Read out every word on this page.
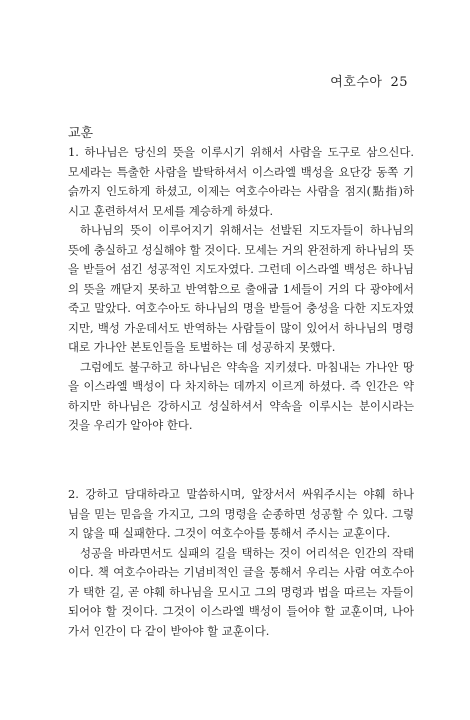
여호수아 25
교훈
1. 하나님은 당신의 뜻을 이루시기 위해서 사람을 도구로 삼으신다.
모세라는 특출한 사람을 발탁하셔서 이스라엘 백성을 요단강 동쪽 기
슭까지 인도하게 하셨고, 이제는 여호수아라는 사람을 점지(點指)하
시고 훈련하셔서 모세를 계승하게 하셨다.
하나님의 뜻이 이루어지기 위해서는 선발된 지도자들이 하나님의
뜻에 충실하고 성실해야 할 것이다. 모세는 거의 완전하게 하나님의 뜻
을 받들어 섬긴 성공적인 지도자였다. 그런데 이스라엘 백성은 하나님
의 뜻을 깨닫지 못하고 반역함으로 출애굽 1세들이 거의 다 광야에서
죽고 말았다. 여호수아도 하나님의 명을 받들어 충성을 다한 지도자였
지만, 백성 가운데서도 반역하는 사람들이 많이 있어서 하나님의 명령
대로 가나안 본토인들을 토벌하는 데 성공하지 못했다.
그럼에도 불구하고 하나님은 약속을 지키셨다. 마침내는 가나안 땅
을 이스라엘 백성이 다 차지하는 데까지 이르게 하셨다. 즉 인간은 약
하지만 하나님은 강하시고 성실하셔서 약속을 이루시는 분이시라는
것을 우리가 알아야 한다.
2. 강하고 담대하라고 말씀하시며, 앞장서서 싸워주시는 야훼 하나
님을 믿는 믿음을 가지고, 그의 명령을 순종하면 성공할 수 있다. 그렇
지 않을 때 실패한다. 그것이 여호수아를 통해서 주시는 교훈이다.
성공을 바라면서도 실패의 길을 택하는 것이 어리석은 인간의 작태
이다. 책 여호수아라는 기념비적인 글을 통해서 우리는 사람 여호수아
가 택한 길, 곧 야훼 하나님을 모시고 그의 명령과 법을 따르는 자들이
되어야 할 것이다. 그것이 이스라엘 백성이 들어야 할 교훈이며, 나아
가서 인간이 다 같이 받아야 할 교훈이다.
